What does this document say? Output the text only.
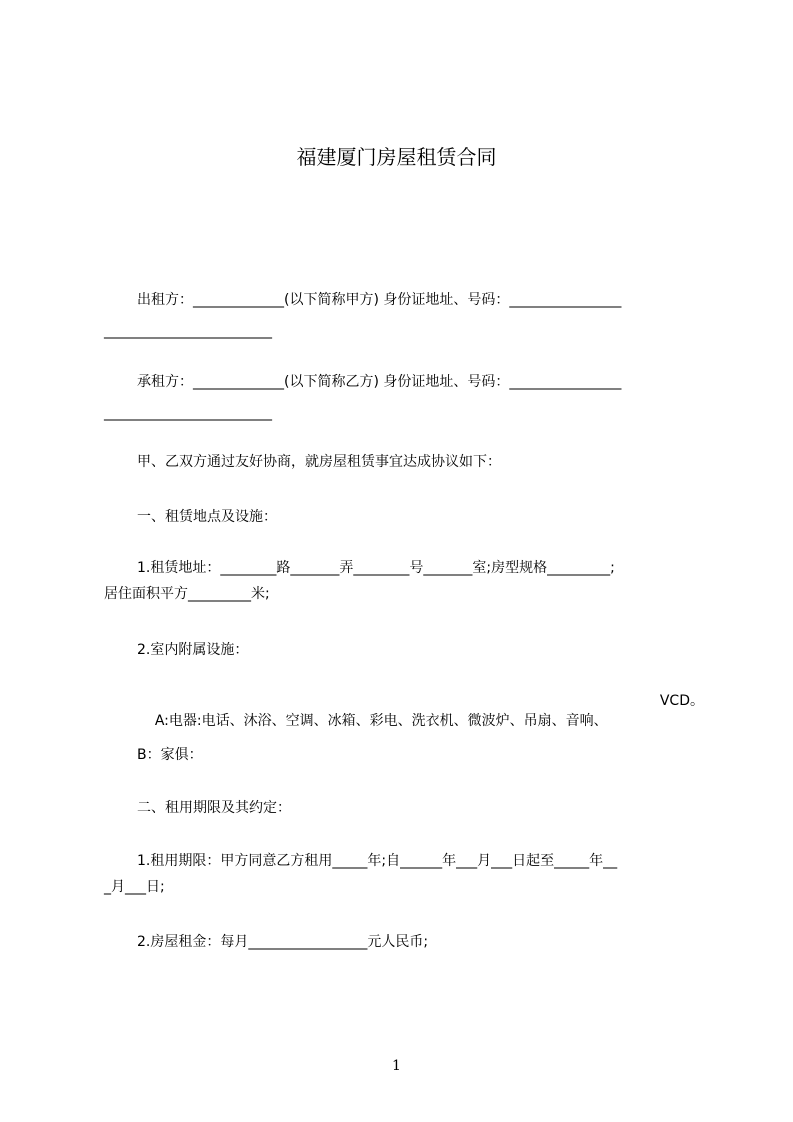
福建厦门房屋租赁合同
出租方：_____________(以下简称甲方) 身份证地址、号码：________________
________________________
承租方：_____________(以下简称乙方) 身份证地址、号码：________________
________________________
甲、乙双方通过友好协商，就房屋租赁事宜达成协议如下：
一、租赁地点及设施：
1.租赁地址：________路_______弄________号_______室;房型规格_________;
居住面积平方_________米;
2.室内附属设施：

A:电器:电话、沐浴、空调、冰箱、彩电、洗衣机、微波炉、吊扇、音响、

VCD。

B：家俱：
二、租用期限及其约定：
1.租用期限：甲方同意乙方租用_____年;自______年___月___日起至_____年__
_月___日;
2.房屋租金：每月_________________元人民币;
1
